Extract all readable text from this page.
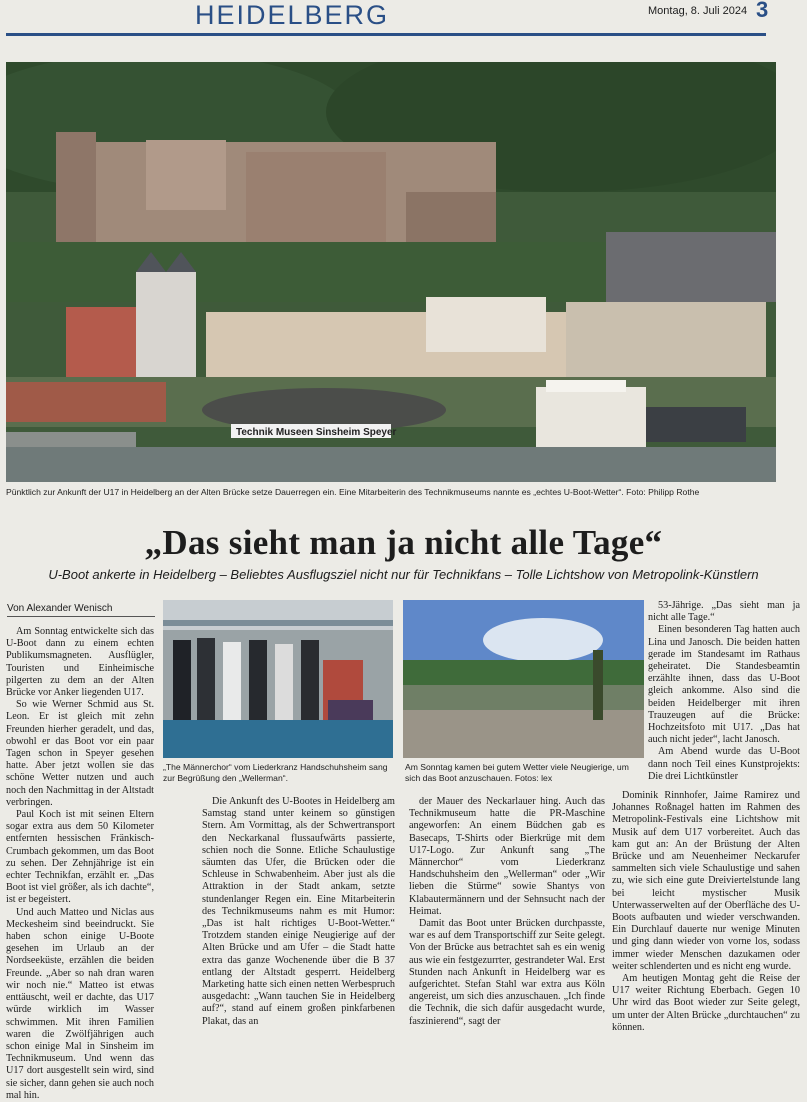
HEIDELBERG	Montag, 8. Juli 2024 3
Technik Museen Sinsheim Speyer
Pünktlich zur Ankunft der U17 in Heidelberg an der Alten Brücke setze Dauerregen ein. Eine Mitarbeiterin des Technikmuseums nannte es „echtes U-Boot-Wetter“. Foto: Philipp Rothe
„Das sieht man ja nicht alle Tage“
U-Boot ankerte in Heidelberg – Beliebtes Ausflugsziel nicht nur für Technikfans – Tolle Lichtshow von Metropolink-Künstlern
Von Alexander Wenisch
„The Männerchor“ vom Liederkranz Handschuhsheim sang zur Begrüßung den „Wellerman“.
Am Sonntag kamen bei gutem Wetter viele Neugierige, um sich das Boot anzuschauen. Fotos: lex

Am Sonntag entwickelte sich das U-Boot dann zu einem echten Publikumsmagneten. Ausflügler, Touristen und Einheimische pilgerten zu dem an der Alten Brücke vor Anker liegenden U17.

So wie Werner Schmid aus St. Leon. Er ist gleich mit zehn Freunden hierher geradelt, und das, obwohl er das Boot vor ein paar Tagen schon in Speyer gesehen hatte. Aber jetzt wollen sie das schöne Wetter nutzen und auch noch den Nachmittag in der Altstadt verbringen.

Paul Koch ist mit seinen Eltern sogar extra aus dem 50 Kilometer entfernten hessischen Fränkisch-Crumbach gekommen, um das Boot zu sehen. Der Zehnjährige ist ein echter Technikfan, erzählt er. „Das Boot ist viel größer, als ich dachte“, ist er begeistert.

Und auch Matteo und Niclas aus Meckesheim sind beeindruckt. Sie haben schon einige U-Boote gesehen im Urlaub an der Nordseeküste, erzählen die beiden Freunde. „Aber so nah dran waren wir noch nie.“ Matteo ist etwas enttäuscht, weil er dachte, das U17 würde wirklich im Wasser schwimmen. Mit ihren Familien waren die Zwölfjährigen auch schon einige Mal in Sinsheim im Technikmuseum. Und wenn das U17 dort ausgestellt sein wird, sind sie sicher, dann gehen sie auch noch mal hin.

Die Ankunft des U-Bootes in Heidelberg am Samstag stand unter keinem so günstigen Stern. Am Vormittag, als der Schwertransport den Neckarkanal flussaufwärts passierte, schien noch die Sonne. Etliche Schaulustige säumten das Ufer, die Brücken oder die Schleuse in Schwabenheim. Aber just als die Attraktion in der Stadt ankam, setzte stundenlanger Regen ein. Eine Mitarbeiterin des Technikmuseums nahm es mit Humor: „Das ist halt richtiges U-Boot-Wetter.“ Trotzdem standen einige Neugierige auf der Alten Brücke und am Ufer – die Stadt hatte extra das ganze Wochenende über die B 37 entlang der Altstadt gesperrt. Heidelberg Marketing hatte sich einen netten Werbespruch ausgedacht: „Wann tauchen Sie in Heidelberg auf?“, stand auf einem großen pinkfarbenen Plakat, das an

der Mauer des Neckarlauer hing. Auch das Technikmuseum hatte die PR-Maschine angeworfen: An einem Büdchen gab es Basecaps, T-Shirts oder Bierkrüge mit dem U17-Logo. Zur Ankunft sang „The Männerchor“ vom Liederkranz Handschuhsheim den „Wellerman“ oder „Wir lieben die Stürme“ sowie Shantys von Klabautermännern und der Sehnsucht nach der Heimat.

Damit das Boot unter Brücken durchpasste, war es auf dem Transportschiff zur Seite gelegt. Von der Brücke aus betrachtet sah es ein wenig aus wie ein festgezurrter, gestrandeter Wal. Erst Stunden nach Ankunft in Heidelberg war es aufgerichtet. Stefan Stahl war extra aus Köln angereist, um sich dies anzuschauen. „Ich finde die Technik, die sich dafür ausgedacht wurde, faszinierend“, sagt der

53-Jährige. „Das sieht man ja nicht alle Tage.“

Einen besonderen Tag hatten auch Lina und Janosch. Die beiden hatten gerade im Standesamt im Rathaus geheiratet. Die Standesbeamtin erzählte ihnen, dass das U-Boot gleich ankomme. Also sind die beiden Heidelberger mit ihren Trauzeugen auf die Brücke: Hochzeitsfoto mit U17. „Das hat auch nicht jeder“, lacht Janosch.

Am Abend wurde das U-Boot dann noch Teil eines Kunstprojekts: Die drei Lichtkünstler

Dominik Rinnhofer, Jaime Ramirez und Johannes Roßnagel hatten im Rahmen des Metropolink-Festivals eine Lichtshow mit Musik auf dem U17 vorbereitet. Auch das kam gut an: An der Brüstung der Alten Brücke und am Neuenheimer Neckarufer sammelten sich viele Schaulustige und sahen zu, wie sich eine gute Dreiviertelstunde lang bei leicht mystischer Musik Unterwasserwelten auf der Oberfläche des U-Boots aufbauten und wieder verschwanden. Ein Durchlauf dauerte nur wenige Minuten und ging dann wieder von vorne los, sodass immer wieder Menschen dazukamen oder weiter schlenderten und es nicht eng wurde.

Am heutigen Montag geht die Reise der U17 weiter Richtung Eberbach. Gegen 10 Uhr wird das Boot wieder zur Seite gelegt, um unter der Alten Brücke „durchtauchen“ zu können.
